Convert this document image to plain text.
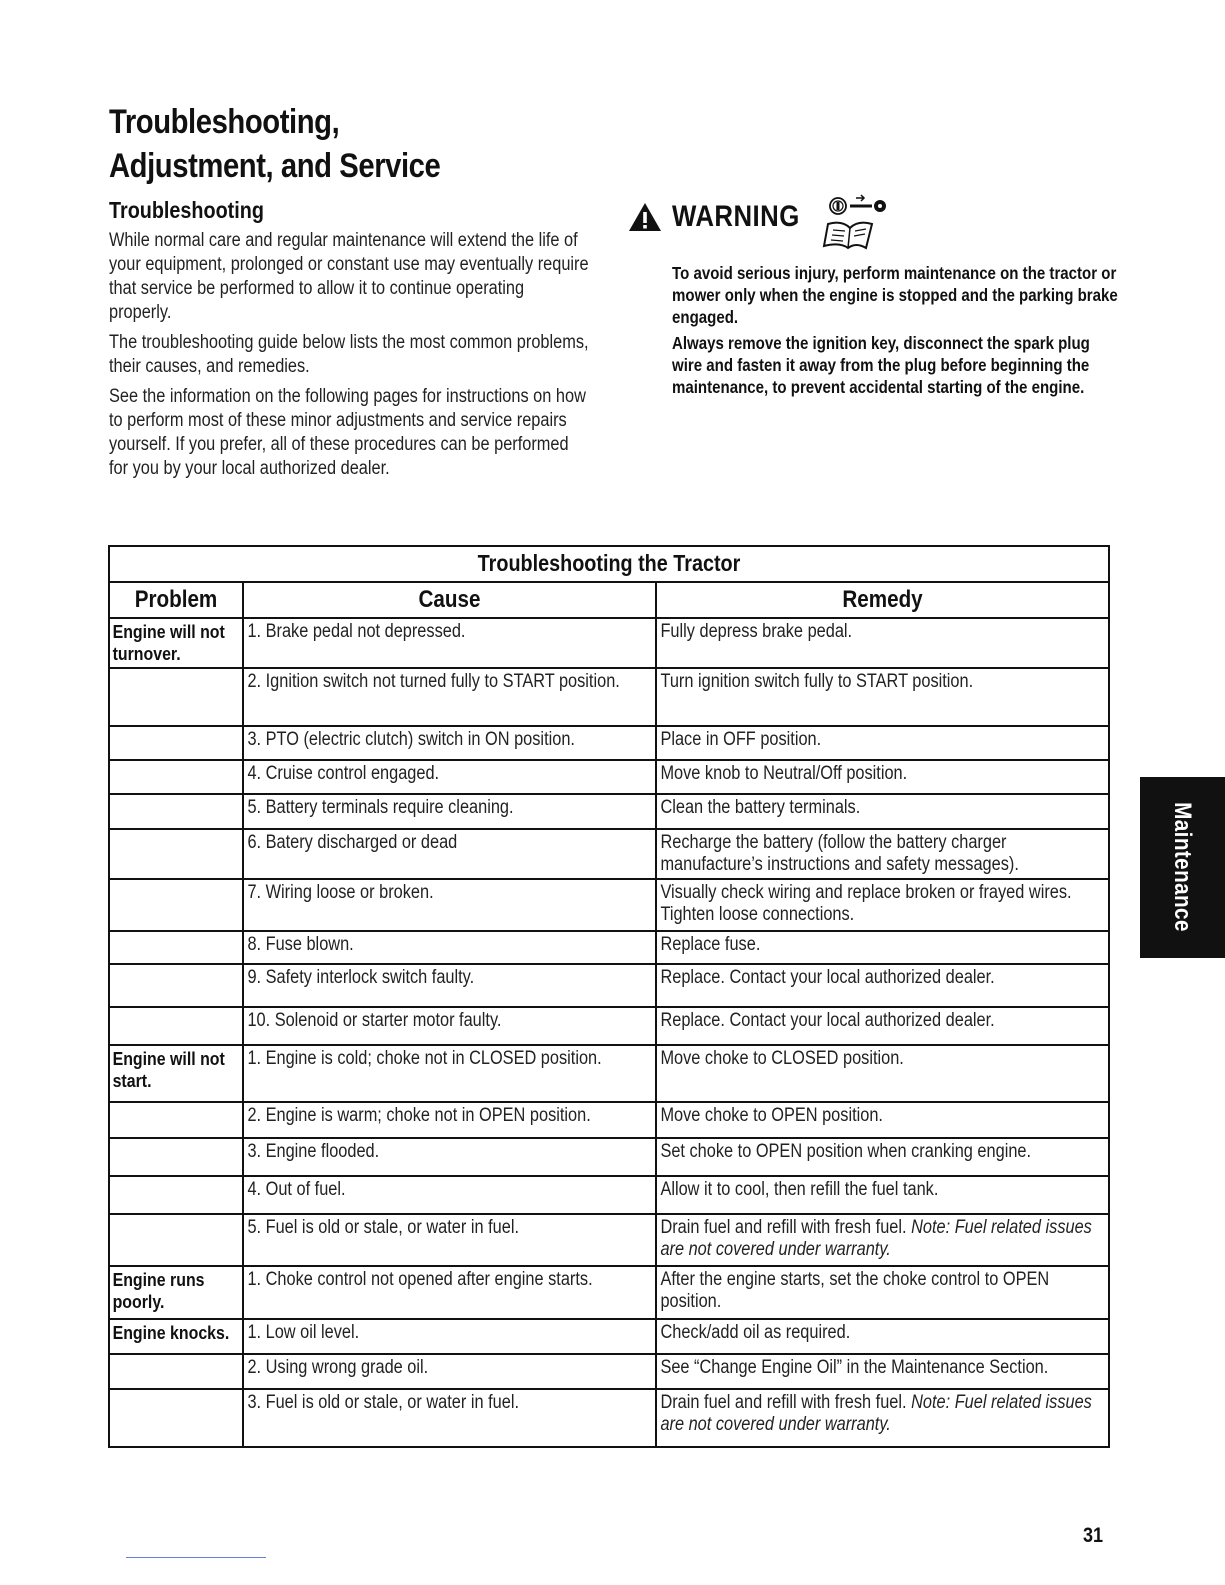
Troubleshooting,
Adjustment, and Service
Troubleshooting

While normal care and regular maintenance will extend the life of your equipment, prolonged or constant use may eventually require that service be performed to allow it to continue operating properly.

The troubleshooting guide below lists the most common problems, their causes, and remedies.

See the information on the following pages for instructions on how to perform most of these minor adjustments and service repairs yourself. If you prefer, all of these procedures can be performed for you by your local authorized dealer.

WARNING

To avoid serious injury, perform maintenance on the tractor or mower only when the engine is stopped and the parking brake engaged.

Always remove the ignition key, disconnect the spark plug wire and fasten it away from the plug before beginning the maintenance, to prevent accidental starting of the engine.

Troubleshooting the Tractor		

Problem	Cause	Remedy

Engine will not turnover.	1. Brake pedal not depressed.	Fully depress brake pedal.

	2. Ignition switch not turned fully to START position.	Turn ignition switch fully to START position.

	3. PTO (electric clutch) switch in ON position.	Place in OFF position.

	4. Cruise control engaged.	Move knob to Neutral/Off position.

	5. Battery terminals require cleaning.	Clean the battery terminals.

	6. Batery discharged or dead	Recharge the battery (follow the battery charger manufacture’s instructions and safety messages).

	7. Wiring loose or broken.	Visually check wiring and replace broken or frayed wires. Tighten loose connections.

	8. Fuse blown.	Replace fuse.

	9. Safety interlock switch faulty.	Replace. Contact your local authorized dealer.

	10. Solenoid or starter motor faulty.	Replace. Contact your local authorized dealer.

Engine will not start.	1. Engine is cold; choke not in CLOSED position.	Move choke to CLOSED position.

	2. Engine is warm; choke not in OPEN position.	Move choke to OPEN position.

	3. Engine flooded.	Set choke to OPEN position when cranking engine.

	4. Out of fuel.	Allow it to cool, then refill the fuel tank.

	5. Fuel is old or stale, or water in fuel.	Drain fuel and refill with fresh fuel. Note: Fuel related issues are not covered under warranty.

Engine runs poorly.	1. Choke control not opened after engine starts.	After the engine starts, set the choke control to OPEN position.

Engine knocks.	1. Low oil level.	Check/add oil as required.

	2. Using wrong grade oil.	See “Change Engine Oil” in the Maintenance Section.

	3. Fuel is old or stale, or water in fuel.	Drain fuel and refill with fresh fuel. Note: Fuel related issues are not covered under warranty.
Maintenance
31
